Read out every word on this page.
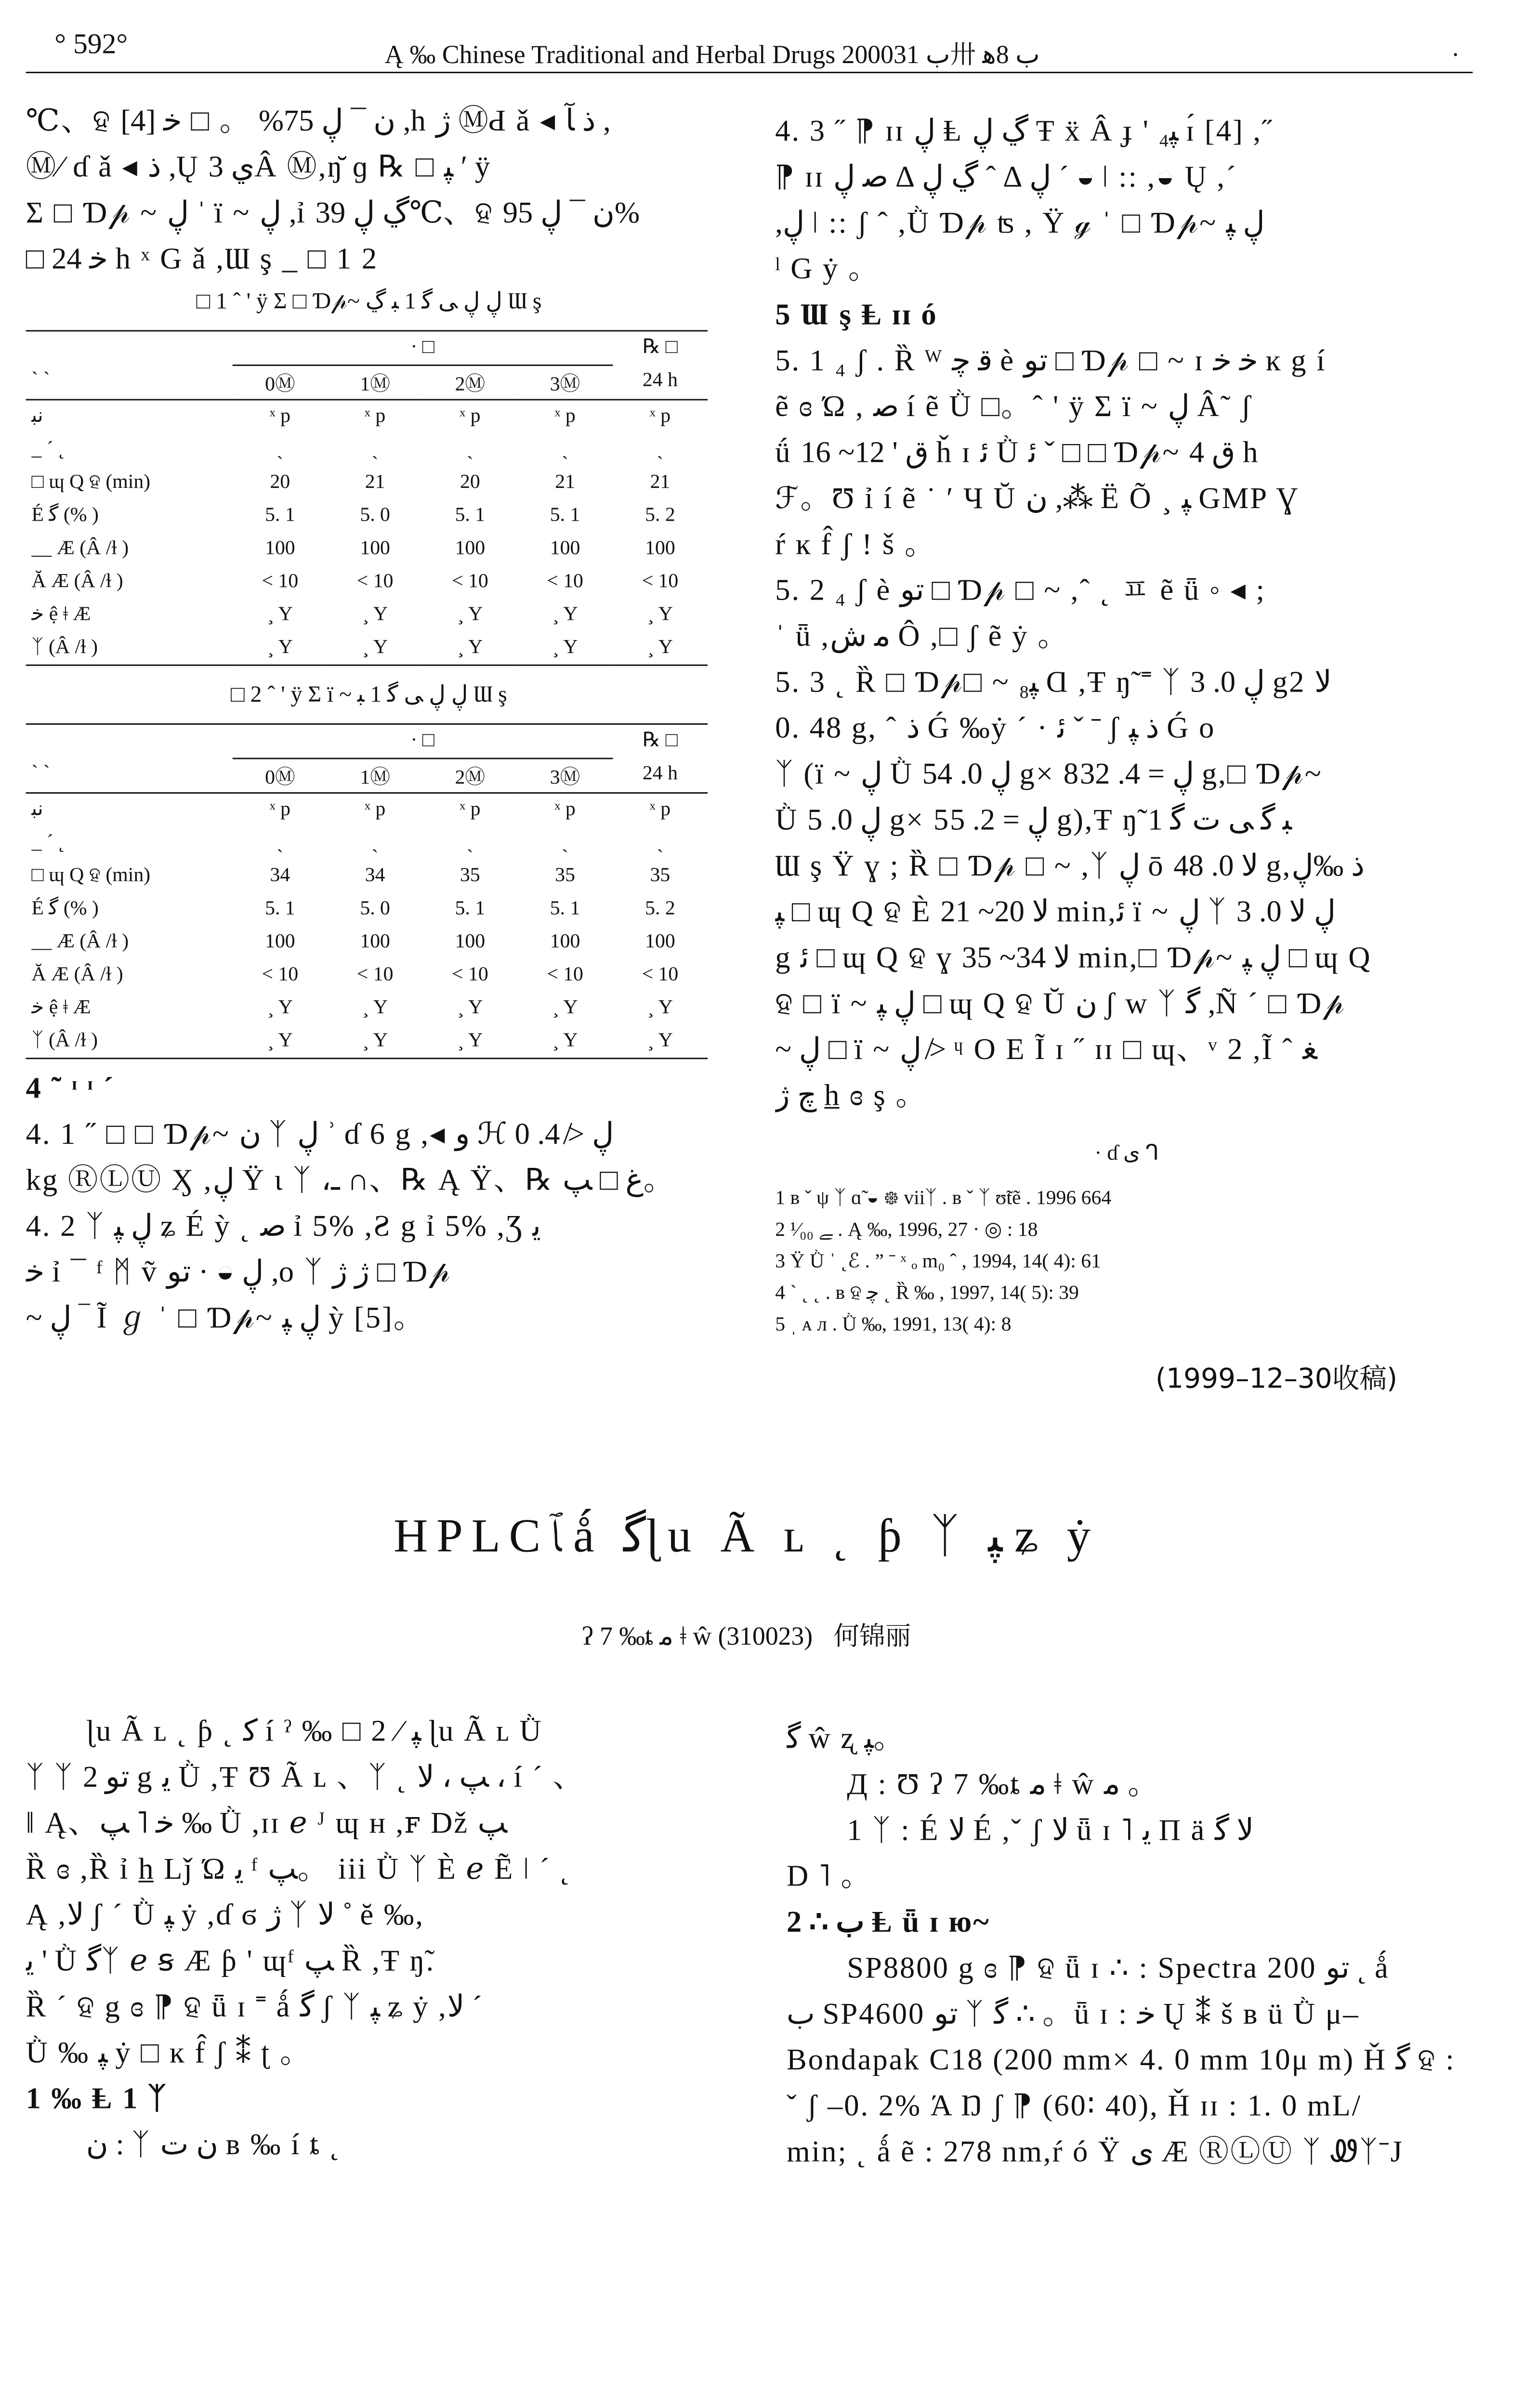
° 592°	Ą ‰ Chinese Traditional and Herbal Drugs 2000ب 31卅 ب 8ﻫ	·

℃、ହ ن ¯ ڸ 75% 。 □ ﺧ [4] ,h ژ ⓂԀ ǎ ◂ ﺫ ﺂ ,

Ⓜ⁄ ɗ ǎ ◂ ﺫ ,Ų ي 3Â Ⓜ,ŋ̆ ɡ ℞ □ ﭙ ′ ÿ

Σ □ Ɗ𝓅 ~ ڸ ˈ ï ~ ڸ ,ỉ ڲ ڸ 39℃、ହ ن ¯ ڸ 95%

□ ﺧ 24 h ˣ G ǎ ,Ɯ ş _ □ 1 2

□ 1 ˆ ' ÿ Σ □ Ɗ𝓅~ ڸ ڸ ﯽ ﮔ 1 ﺒ ڲ Ɯ ş
ˏ ˏ	· □				℞ □
	0Ⓜ	1Ⓜ	2Ⓜ	3Ⓜ	24 h
ﻧﺒ	ˣ p	ˣ p	ˣ p	ˣ p	ˣ p
_ ˊ ˛	ˎ	ˎ	ˎ	ˎ	ˎ
□ ɰ Ԛ ହ (min)	20	21	20	21	21
É ﮔ (% )	5. 1	5. 0	5. 1	5. 1	5. 2
__ Æ (Â /ɫ )	100	100	100	100	100
Ă Æ (Â /ɫ )	< 10	< 10	< 10	< 10	< 10
ﺧ ệ ǂ Æ	¸ Y	¸ Y	¸ Y	¸ Y	¸ Y
ᛉ (Â /ɫ )	¸ Y	¸ Y	¸ Y	¸ Y	¸ Y
□ 2 ˆ ' ÿ Σ ï ~ ڸ ڸ ﯽ ﮔ 1 ﺒ Ɯ ş
ˏ ˏ	· □				℞ □
	0Ⓜ	1Ⓜ	2Ⓜ	3Ⓜ	24 h
ﻧﺒ	ˣ p	ˣ p	ˣ p	ˣ p	ˣ p
_ ˊ ˛	ˎ	ˎ	ˎ	ˎ	ˎ
□ ɰ Ԛ ହ (min)	34	34	35	35	35
É ﮔ (% )	5. 1	5. 0	5. 1	5. 1	5. 2
__ Æ (Â /ɫ )	100	100	100	100	100
Ă Æ (Â /ɫ )	< 10	< 10	< 10	< 10	< 10
ﺧ ệ ǂ Æ	¸ Y	¸ Y	¸ Y	¸ Y	¸ Y
ᛉ (Â /ɫ )	¸ Y	¸ Y	¸ Y	¸ Y	¸ Y

4 ˜ ᶦ ᶦ ˊ

4. 1 ˝ □ □ Ɗ𝓅~ ن ᛉ ڸ ʾ ɗ 6 g ,◂ و ℋ ڸ ≯ 4. 0

kg ⓇⓁⓊ Ӽ ,ڸ Ÿ ɩ ᛉ ،ـ ∩、℞ Ą Ÿ、℞ ﻍ □ ﭗ。

4. 2 ᛉ ڸ ﭙ ʑ É ỳ ˛ ﺻ ỉ 5% ,Ƨ g ỉ 5% ,Ʒ ﯾ

ﺧ ỉ ¯ ᶠ ᛗ ṽ ڸ ◒ · ﺗﻮ ,o ᛉ ژ ژ □ Ɗ𝓅

~ ڸ ‾ Ĩ ℊ ˈ □ Ɗ𝓅~ ڸ ﭙ ỳ [5]。

4. 3 ˝ ⁋ ɪɪ ڸ Ⱡ ڲ ڸ Ŧ ẍ Â ɟ ' ﭙ₄ ɪ́ [4] ,˝

⁋ ɪɪ ڸ ∆ ˆ ڲ ڸ ∆ ﺻ ڸ ˊ ◒ ǀ :: ,◒ Ų ,ˊ

,ڸ ǀ :: ʃ ˆ ,Ǜ Ɗ𝓅 ʦ , Ÿ ℊ ˈ □ Ɗ𝓅~ ڸ ﭙ

ˡ G ẏ 。

5 Ɯ ş Ⱡ ɪɪ ó

5. 1 ₄ ʃ . Ȑ ᵂ ﻗ ﭼ è ﺗﻮ □ Ɗ𝓅 □ ~ ɪ ﺧ ﺧ ĸ g í

ẽ ɞ Ώ , ﺻ í ẽ Ǜ □。ˆ ' ÿ Σ ï ~ ڸ Â˜ ʃ

ǘ ﻕ ' 12~ 16 ȟ ɪ ﺋ Ǜ ﺋ ˇ □ □ Ɗ𝓅~ ﻕ 4 h

ℱ。Ʊ ỉ í ẽ ˙ ′ Ч Ŭ ن ,⁂ Ё Õ ¸ ﭙ GMP Ɣ

ŕ ĸ f̂ ʃ ! š 。

5. 2 ₄ ʃ è ﺗﻮ □ Ɗ𝓅 □ ~ ,ˆ ˛ ㅍ ẽ ǖ ◦ ◂ ;

ˈ ǖ ,ﻣ ﺵ Ô ,□ ʃ ẽ ẏ 。

5. 3 ˛ Ȑ □ Ɗ𝓅□ ~ ﭙ₈ Ɑ ,Ŧ ŋ̃ ˭ ᛉ ڸ 0. 3 g2 ﻻ

0. 48 g, ˆ ﺫ Ǵ ‰ẏ ´ · ﺋ ˇ ˉ ʃ ﺫ ﭙ Ǵ o

ᛉ (ï ~ ڸ Ǜ ڸ 0. 54 g× 8ڸ = 4. 32 g,□ Ɗ𝓅~

Ǜ ڸ 0. 5 g× 5ڸ = 2. 5 g),Ŧ ŋ̃ ﺒ ﮔ ﯽ ﺕ ﮔ 1

Ɯ ş Ÿ ɣ ; Ȑ □ Ɗ𝓅 □ ~ ,ᛉ ڸ ō ﻻ 0. 48 g,ﺫ ‰ڸ

ﭙ □ ɰ Ԛ ହ È ﻻ 20~ 21 min,ﺋ ï ~ ڸ ᛉ ڸ ﻻ 0. 3

g ﺋ □ ɰ Ԛ ହ ɣ ﻻ 34~ 35 min,□ Ɗ𝓅~ ڸ ﭙ □ ɰ Ԛ

ହ □ ï ~ ڸ ﭙ □ ɰ Ԛ ହ Ŭ ن ʃ w ᛉ ﮔ ,Ñ ˊ □ Ɗ𝓅

~ ڸ □ ï ~ ڸ ≯ ᶣ O E Ĩ ɪ ˝ ɪɪ □ ɰ、ᵛ 2 ,Ĩ ˆ ﻐ

ﭺ ژ h̲ ɞ ş 。

· ɗ ﯼ ᒉ

1 ʙ ˇ ψ ᛉ ɑ̃ ◒ ᪥ viiᛉ . ʙ ˇ ᛉ ʊ̃tẽ . 1996 664

2 ﮯ ¹⁄₀₀ . Ą ‰, 1996, 27 · ◎ : 18

3 Ÿ Ǜ ˈ ˛ℰ . ” ˉ ˣ ₒ m₀ ˆ , 1994, 14( 4): 61

4 ˋ ˛ ˛ . ʙ ହ ﭼ ˛ Ȑ ‰ , 1997, 14( 5): 39

5 ˌ ᴀ л . Ǜ ‰, 1991, 13( 4): 8

(1999–12–30收稿)
HPLCﭑ ǻ ﮔɭu Ã ʟ ˛ ƥ ᛉ ﭙ ʑ ẏ
ʔ 7 ‰ȶ ﻣ ǂ ŵ (310023) 何锦丽

ɭu Ã ʟ ˛ ƥ ˛ ﮐ í ˀ ‰ □ 2 ⁄ ﭙ ɭu Ã ʟ Ǜ

ᛉ ᛉ ﺗﻮ 2 g ﯾ Ǜ ,Ŧ Ʊ Ã ʟ 、ᛉ ˛ ﭗ ، ﻻ ، í ˊ 、

ǁ Ą、ﺧ ˥ ﭗ ‰ Ǜ ,ɪɪ ℯ ᴶ ɰ ʜ ,ꜰ Dž ﭗ

Ȑ ɞ ,Ȑ ỉ h̲ Lǰ Ώ ﯾ ᶠ ﭗ。 iii Ǜ ᛉ È ℯ Ẽ ǀ ˊ ˛

Ą ,ﻻ ʃ ˊ Ǜ ﭙ ẏ ,ɗ ϭ ژ ᛉ ﻻ ˚ ĕ ‰,

ﯾ ' Ǜ ﮔᛉ ℯ ꞩ Æ ƥ ' ɰᶠ ﭗ Ȑ ,Ŧ ŋ̃.

Ȑ ˊ ହ g ɞ ⁋ ହ ǖ ɪ ˭ ǻ ﮔ ʃ ᛉ ﭙ ʑ ẏ ,ﻻ ´

Ǜ ‰ ﭙ ẏ □ ĸ f̂ ʃ ⁑ ʈ 。

1 ‰ Ⱡ 1 ᛉ

ن : ᛉ ن ﺕ ʙ ‰ í ȶ ˛

ﮔ ŵ ʐ ﭙ。

Д : Ʊ ʔ 7 ‰ȶ ﻣ ǂ ŵ ﻣ 。

1 ᛉ : É ﻻ É ,ˇ ʃ ﻻ ǖ ɪ ˥ ﯾ Π ä ﻻ ﮔ

D ˥ 。

2 ∴ ﺏ Ⱡ ǖ ɪ ю~

SP8800 g ɞ ⁋ ହ ǖ ɪ ∴ : Spectra 200 ﺗﻮ ˛ ǻ

ﺏ SP4600 ﺗﻮ ᛉ ﮔ ∴ 。ǖ ɪ : ﺧ Ų ⁑ š ʙ ü Ǜ μ–

Bondapak C18 (200 mm× 4. 0 mm 10μ m) Ȟ ﮔ ହ :

ˇ ʃ –0. 2% Ά Ŋ ʃ ⁋ (60∶ 40), Ȟ ɪɪ : 1. 0 mL/

min; ˛ ǻ ẽ : 278 nm,ŕ ó Ÿ ﯼ Æ ⓇⓁⓊ ᛉ ᏪᛉˉJ
